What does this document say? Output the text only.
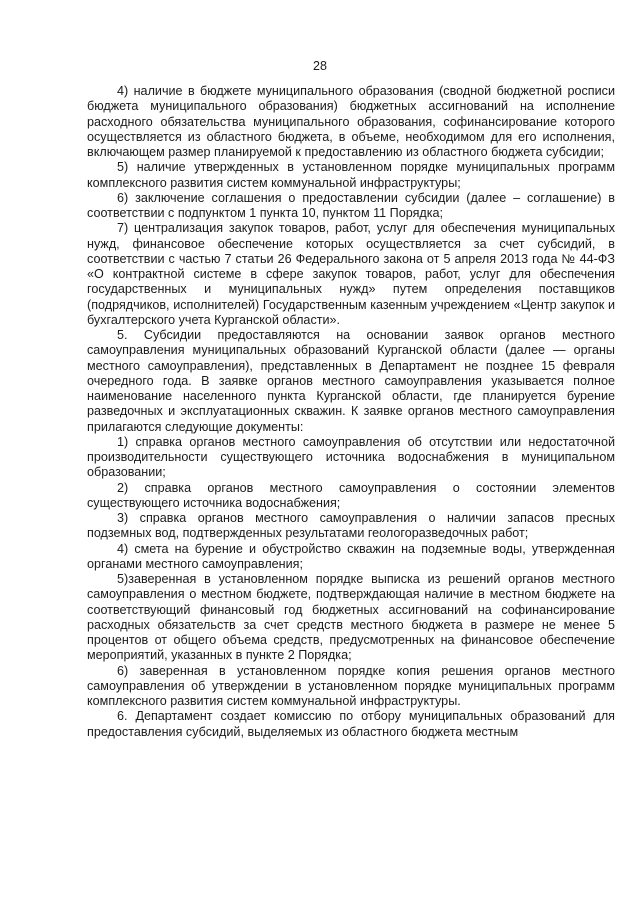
28

4) наличие в бюджете муниципального образования (сводной бюджетной росписи бюджета муниципального образования) бюджетных ассигнований на исполнение расходного обязательства муниципального образования, софинансирование которого осуществляется из областного бюджета, в объеме, необходимом для его исполнения, включающем размер планируемой к предоставлению из областного бюджета субсидии;

5) наличие утвержденных в установленном порядке муниципальных программ комплексного развития систем коммунальной инфраструктуры;

6) заключение соглашения о предоставлении субсидии (далее – соглашение) в соответствии с подпунктом 1 пункта 10, пунктом 11 Порядка;

7) централизация закупок товаров, работ, услуг для обеспечения муниципальных нужд, финансовое обеспечение которых осуществляется за счет субсидий, в соответствии с частью 7 статьи 26 Федерального закона от 5 апреля 2013 года № 44-ФЗ «О контрактной системе в сфере закупок товаров, работ, услуг для обеспечения государственных и муниципальных нужд» путем определения поставщиков (подрядчиков, исполнителей) Государственным казенным учреждением «Центр закупок и бухгалтерского учета Курганской области».

5. Субсидии предоставляются на основании заявок органов местного самоуправления муниципальных образований Курганской области (далее — органы местного самоуправления), представленных в Департамент не позднее 15 февраля очередного года. В заявке органов местного самоуправления указывается полное наименование населенного пункта Курганской области, где планируется бурение разведочных и эксплуатационных скважин. К заявке органов местного самоуправления прилагаются следующие документы:

1) справка органов местного самоуправления об отсутствии или недостаточной производительности существующего источника водоснабжения в муниципальном образовании;

2) справка органов местного самоуправления о состоянии элементов существующего источника водоснабжения;

3) справка органов местного самоуправления о наличии запасов пресных подземных вод, подтвержденных результатами геологоразведочных работ;

4) смета на бурение и обустройство скважин на подземные воды, утвержденная органами местного самоуправления;

5)заверенная в установленном порядке выписка из решений органов местного самоуправления о местном бюджете, подтверждающая наличие в местном бюджете на соответствующий финансовый год бюджетных ассигнований на софинансирование расходных обязательств за счет средств местного бюджета в размере не менее 5 процентов от общего объема средств, предусмотренных на финансовое обеспечение мероприятий, указанных в пункте 2 Порядка;

6) заверенная в установленном порядке копия решения органов местного самоуправления об утверждении в установленном порядке муниципальных программ комплексного развития систем коммунальной инфраструктуры.

6. Департамент создает комиссию по отбору муниципальных образований для предоставления субсидий, выделяемых из областного бюджета местным
